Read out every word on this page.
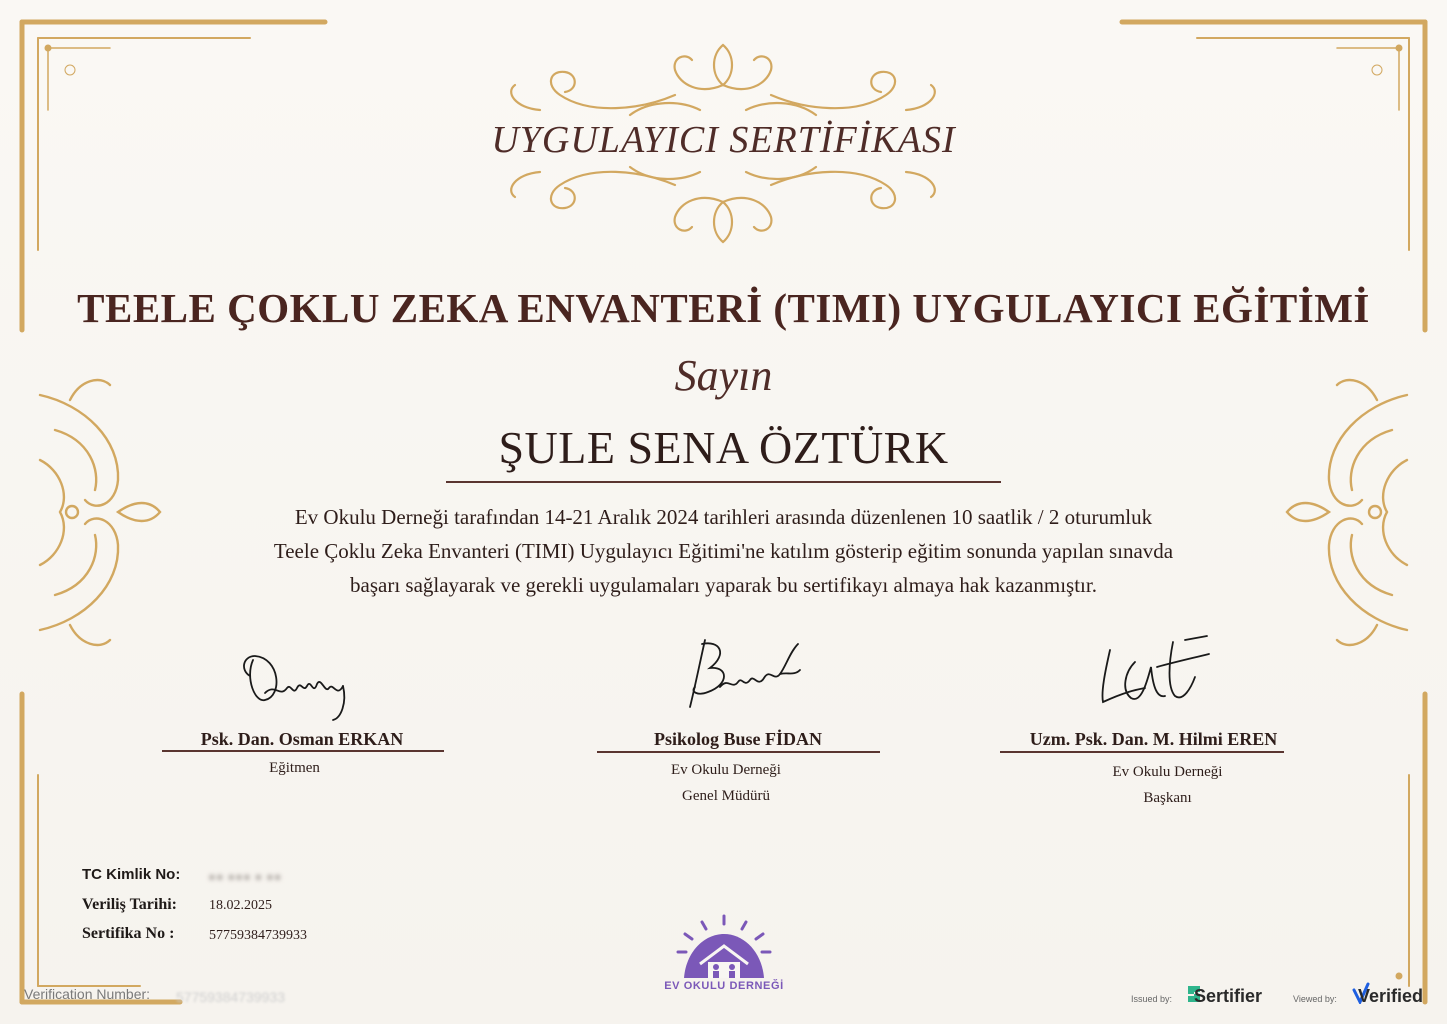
UYGULAYICI SERTİFİKASI
TEELE ÇOKLU ZEKA ENVANTERİ (TIMI) UYGULAYICI EĞİTİMİ
Sayın
ŞULE SENA ÖZTÜRK
Ev Okulu Derneği tarafından 14-21 Aralık 2024 tarihleri arasında düzenlenen 10 saatlik / 2 oturumluk
Teele Çoklu Zeka Envanteri (TIMI) Uygulayıcı Eğitimi'ne katılım gösterip eğitim sonunda yapılan sınavda
başarı sağlayarak ve gerekli uygulamaları yaparak bu sertifikayı almaya hak kazanmıştır.
Psk. Dan. Osman ERKAN
Eğitmen
Psikolog Buse FİDAN
Ev Okulu Derneği
Genel Müdürü
Uzm. Psk. Dan. M. Hilmi EREN
Ev Okulu Derneği
Başkanı
TC Kimlik No: ●● ●●● ● ●●
Veriliş Tarihi: 18.02.2025
Sertifika No : 57759384739933
EV OKULU DERNEĞİ
Verification Number: 57759384739933	Issued by: Sertifier	Viewed by: Verified
